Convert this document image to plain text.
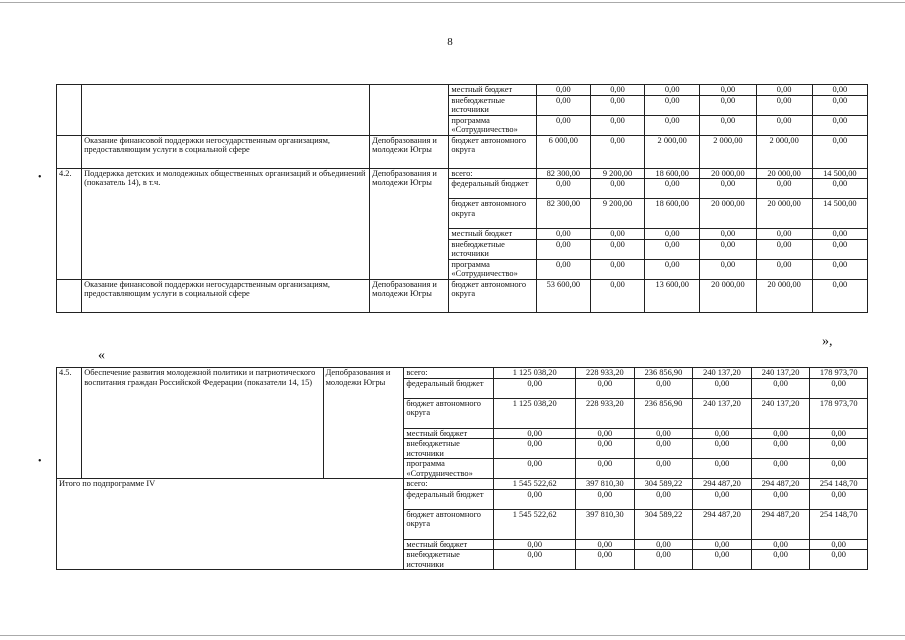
8
•
•
			местный бюджет	0,00	0,00	0,00	0,00	0,00	0,00
			внебюджетные источники	0,00	0,00	0,00	0,00	0,00	0,00
			программа «Сотрудничество»	0,00	0,00	0,00	0,00	0,00	0,00
	Оказание финансовой поддержки негосударственным организациям, предоставляющим услуги в социальной сфере	Депобразования и молодежи Югры	бюджет автономного округа	6 000,00	0,00	2 000,00	2 000,00	2 000,00	0,00
4.2.	Поддержка детских и молодежных общественных организаций и объединений (показатель 14), в т.ч.	Депобразования и молодежи Югры	всего:	82 300,00	9 200,00	18 600,00	20 000,00	20 000,00	14 500,00
			федеральный бюджет	0,00	0,00	0,00	0,00	0,00	0,00
			бюджет автономного округа	82 300,00	9 200,00	18 600,00	20 000,00	20 000,00	14 500,00
			местный бюджет	0,00	0,00	0,00	0,00	0,00	0,00
			внебюджетные источники	0,00	0,00	0,00	0,00	0,00	0,00
			программа «Сотрудничество»	0,00	0,00	0,00	0,00	0,00	0,00
	Оказание финансовой поддержки негосударственным организациям, предоставляющим услуги в социальной сфере	Депобразования и молодежи Югры	бюджет автономного округа	53 600,00	0,00	13 600,00	20 000,00	20 000,00	0,00
»,
«
4.5.	Обеспечение развития молодежной политики и патриотического воспитания граждан Российской Федерации (показатели 14, 15)	Депобразования и молодежи Югры	всего:	1 125 038,20	228 933,20	236 856,90	240 137,20	240 137,20	178 973,70
			федеральный бюджет	0,00	0,00	0,00	0,00	0,00	0,00
			бюджет автономного округа	1 125 038,20	228 933,20	236 856,90	240 137,20	240 137,20	178 973,70
			местный бюджет	0,00	0,00	0,00	0,00	0,00	0,00
			внебюджетные источники	0,00	0,00	0,00	0,00	0,00	0,00
			программа «Сотрудничество»	0,00	0,00	0,00	0,00	0,00	0,00
Итого по подпрограмме IV			всего:	1 545 522,62	397 810,30	304 589,22	294 487,20	294 487,20	254 148,70
			федеральный бюджет	0,00	0,00	0,00	0,00	0,00	0,00
			бюджет автономного округа	1 545 522,62	397 810,30	304 589,22	294 487,20	294 487,20	254 148,70
			местный бюджет	0,00	0,00	0,00	0,00	0,00	0,00
			внебюджетные источники	0,00	0,00	0,00	0,00	0,00	0,00
